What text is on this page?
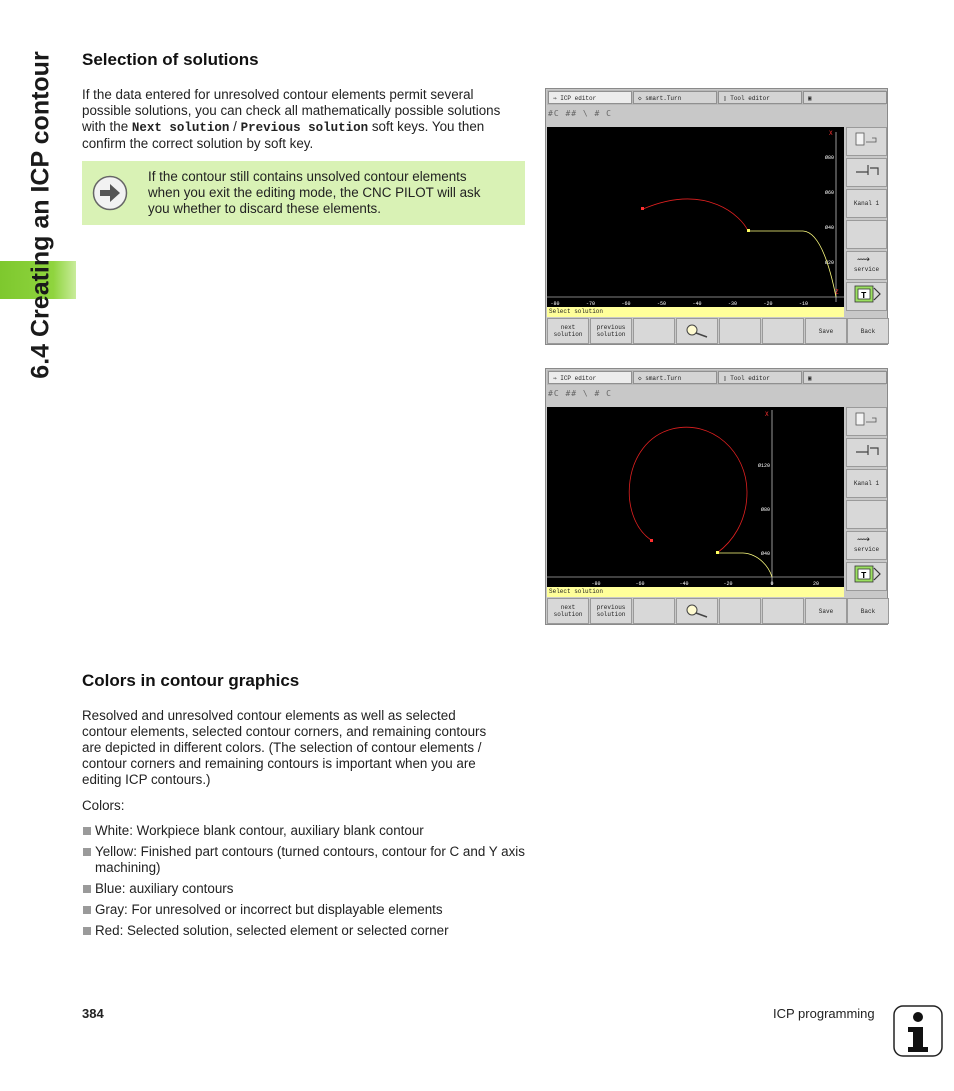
6.4 Creating an ICP contour Selection of solutions

If the data entered for unresolved contour elements permit several
possible solutions, you can check all mathematically possible solutions
with the Next solution / Previous solution soft keys. You then
confirm the correct solution by soft key.

If the contour still contains unsolved contour elements
when you exit the editing mode, the CNC PILOT will ask
you whether to discard these elements.
⇒ ICP editor	◇ smart.Turn	▯ Tool editor	▣
#C ## \ # C
X
Z
-80	-70	-60	-50	-40	-30	-20	-10
Ø80
Ø60
Ø40
Ø20
Select solution
Kanal 1
⟿
service
T
next
solution
previous
solution	Save	Back
⇒ ICP editor	◇ smart.Turn	▯ Tool editor	▣
#C ## \ # C
X
-80	-60	-40	-20	0	20
Ø120
Ø80
Ø40
Select solution
Kanal 1
⟿
service
T
next
solution
previous
solution	Save	Back
Colors in contour graphics

Resolved and unresolved contour elements as well as selected
contour elements, selected contour corners, and remaining contours
are depicted in different colors. (The selection of contour elements /
contour corners and remaining contours is important when you are
editing ICP contours.)

Colors:

White: Workpiece blank contour, auxiliary blank contour
Yellow: Finished part contours (turned contours, contour for C and Y axis machining)
Blue: auxiliary contours
Gray: For unresolved or incorrect but displayable elements
Red: Selected solution, selected element or selected corner
384	ICP programming
